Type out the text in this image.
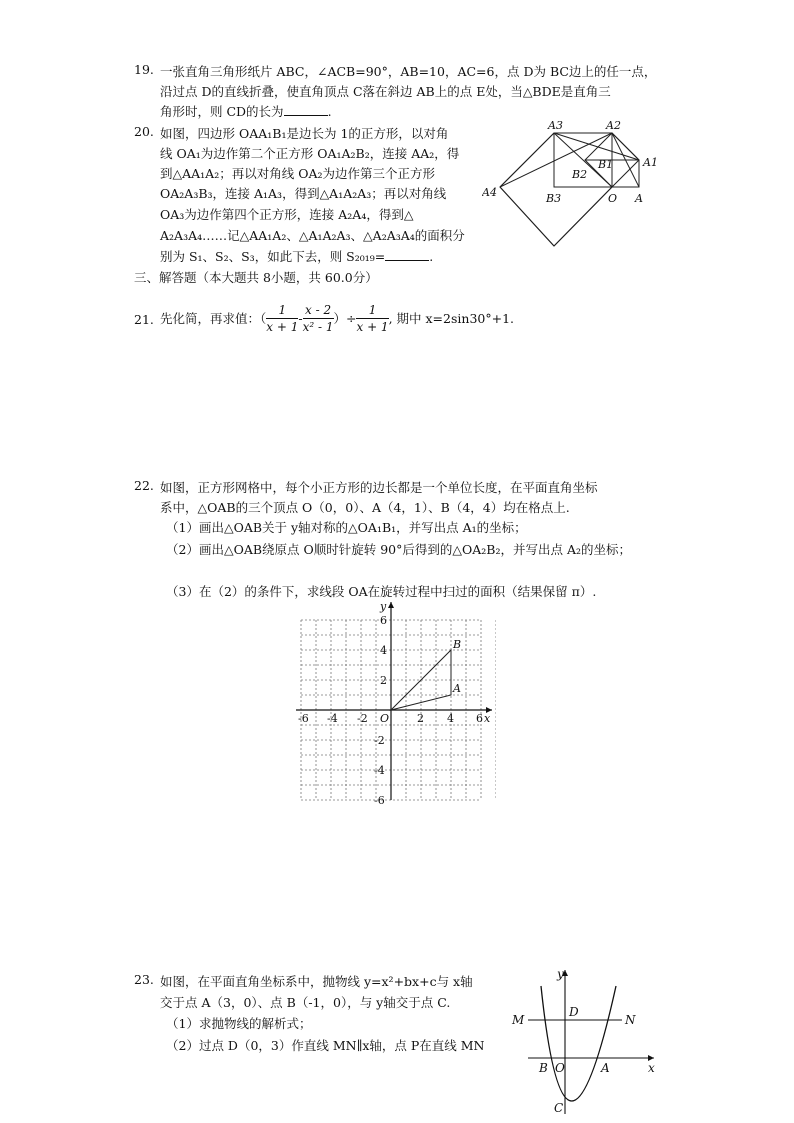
19. 一张直角三角形纸片 ABC，∠ACB=90°，AB=10，AC=6，点 D为 BC边上的任一点，
沿过点 D的直线折叠，使直角顶点 C落在斜边 AB上的点 E处，当△BDE是直角三
角形时，则 CD的长为	.
20. 如图，四边形 OAA₁B₁是边长为 1的正方形，以对角
线 OA₁为边作第二个正方形 OA₁A₂B₂，连接 AA₂，得
到△AA₁A₂；再以对角线 OA₂为边作第三个正方形
OA₂A₃B₃，连接 A₁A₃，得到△A₁A₂A₃；再以对角线
OA₃为边作第四个正方形，连接 A₂A₄，得到△
A₂A₃A₄……记△AA₁A₂、△A₁A₂A₃、△A₂A₃A₄的面积分
别为 S₁、S₂、S₃，如此下去，则 S₂₀₁₉=	.
A3	A2
A1
A4
B1
B2
B3	O A
三、解答题（本大题共 8小题，共 60.0分）
21. 先化简，再求值：（ $\frac{1}{x + 1} - \frac{x - 2}{\text{x² - 1}}$ ）÷ $\frac{1}{x + 1}$ , 期中 x=2sin30°+1.
22. 如图，正方形网格中，每个小正方形的边长都是一个单位长度，在平面直角坐标
系中，△OAB的三个顶点 O（0，0）、A（4，1）、B（4，4）均在格点上.
（1）画出△OAB关于 y轴对称的△OA₁B₁，并写出点 A₁的坐标；
（2）画出△OAB绕原点 O顺时针旋转 90°后得到的△OA₂B₂，并写出点 A₂的坐标；
（3）在（2）的条件下，求线段 OA在旋转过程中扫过的面积（结果保留 π）.
-6 -4 -2 O	2 4 6 x
6
4
2
-2
-4
-6
y
A
B
23. 如图，在平面直角坐标系中，抛物线 y=x²+bx+c与 x轴
交于点 A（3，0）、点 B（-1，0），与 y轴交于点 C.
（1）求抛物线的解析式；
（2）过点 D（0，3）作直线 MN∥x轴，点 P在直线 MN
y
x
M	N
D
B O	A
C
